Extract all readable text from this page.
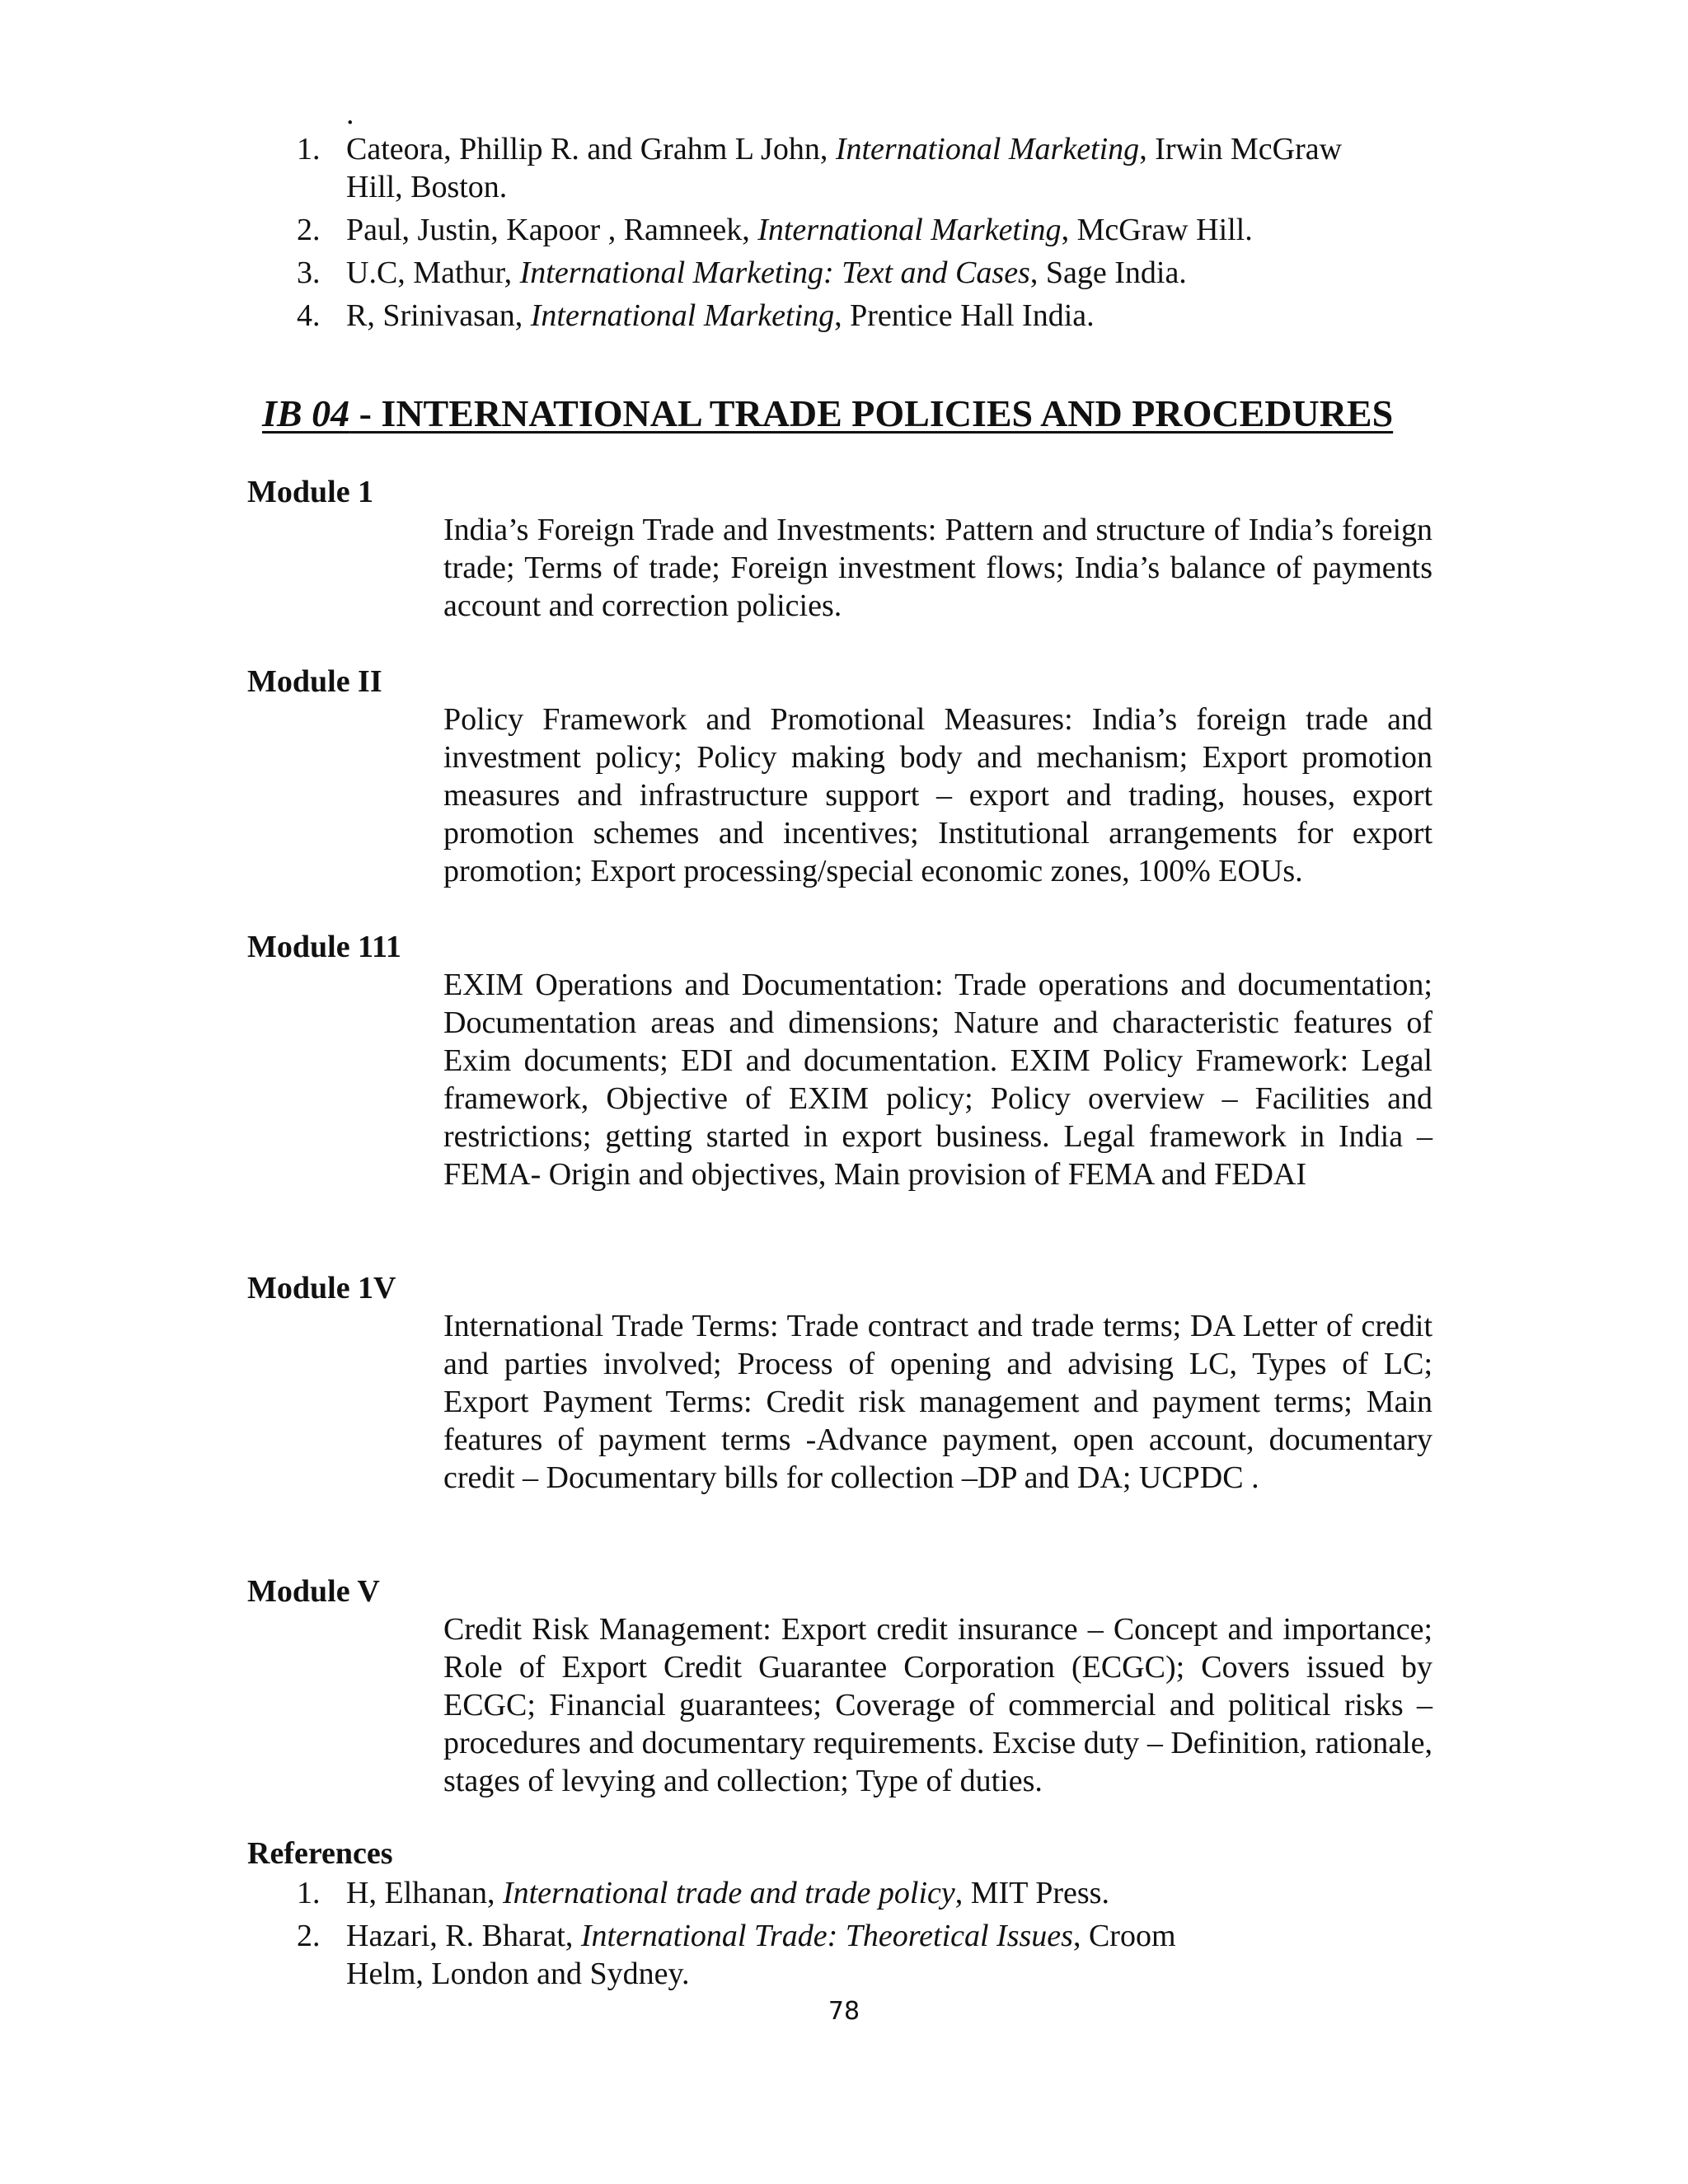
.
1. Cateora, Phillip R. and Grahm L John, International Marketing, Irwin McGraw Hill, Boston.
2. Paul, Justin, Kapoor , Ramneek, International Marketing, McGraw Hill.
3. U.C, Mathur, International Marketing: Text and Cases, Sage India.
4. R, Srinivasan, International Marketing, Prentice Hall India.
IB 04 - INTERNATIONAL TRADE POLICIES AND PROCEDURES
Module 1
India’s Foreign Trade and Investments: Pattern and structure of India’s foreign trade; Terms of trade; Foreign investment flows; India’s balance of payments account and correction policies.
Module II
Policy Framework and Promotional Measures: India’s foreign trade and investment policy; Policy making body and mechanism; Export promotion measures and infrastructure support – export and trading, houses, export promotion schemes and incentives; Institutional arrangements for export promotion; Export processing/special economic zones, 100% EOUs.
Module 111
EXIM Operations and Documentation: Trade operations and documentation; Documentation areas and dimensions; Nature and characteristic features of Exim documents; EDI and documentation. EXIM Policy Framework: Legal framework, Objective of EXIM policy; Policy overview – Facilities and restrictions; getting started in export business. Legal framework in India – FEMA- Origin and objectives, Main provision of FEMA and FEDAI
Module 1V
International Trade Terms: Trade contract and trade terms; DA Letter of credit and parties involved; Process of opening and advising LC, Types of LC; Export Payment Terms: Credit risk management and payment terms; Main features of payment terms -Advance payment, open account, documentary credit – Documentary bills for collection –DP and DA; UCPDC .
Module V
Credit Risk Management: Export credit insurance – Concept and importance; Role of Export Credit Guarantee Corporation (ECGC); Covers issued by ECGC; Financial guarantees; Coverage of commercial and political risks – procedures and documentary requirements. Excise duty – Definition, rationale, stages of levying and collection; Type of duties.
References
1. H, Elhanan, International trade and trade policy, MIT Press.
2. Hazari, R. Bharat, International Trade: Theoretical Issues, Croom Helm, London and Sydney.
78
